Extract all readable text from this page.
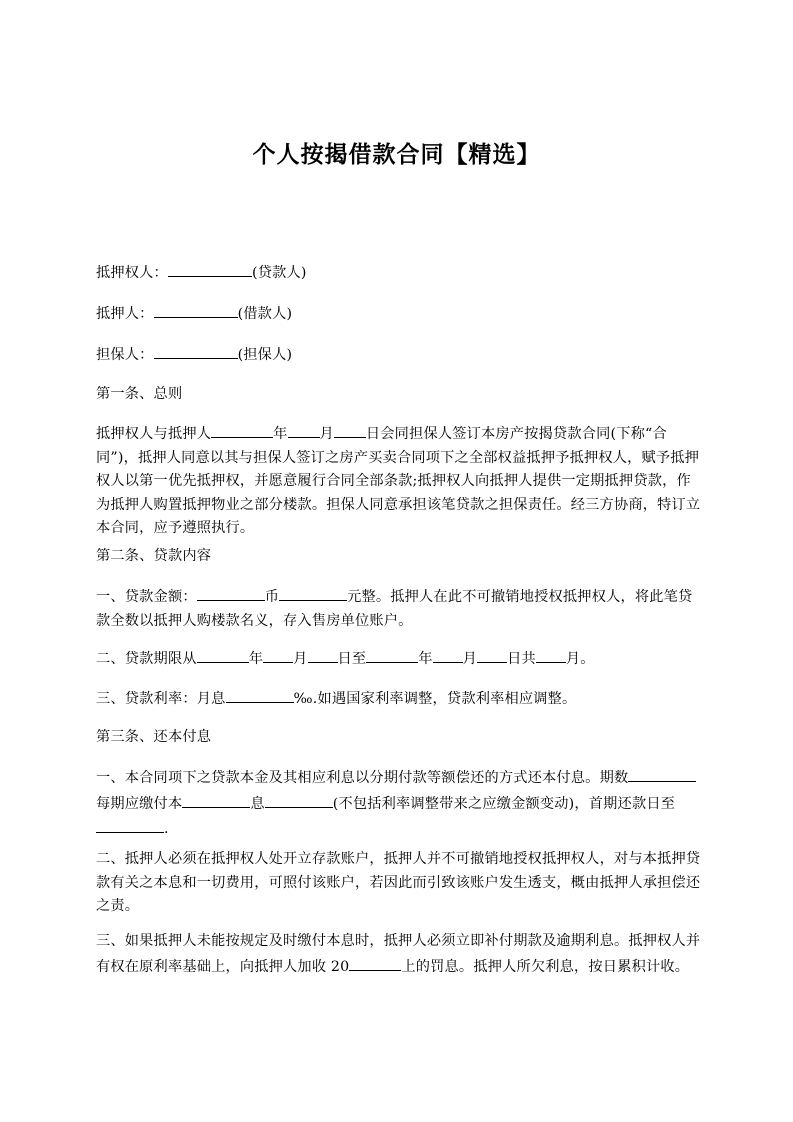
个人按揭借款合同【精选】
抵押权人：	(贷款人)
抵押人：	(借款人)
担保人：	(担保人)
第一条、总则
抵押权人与抵押人	年 月 日会同担保人签订本房产按揭贷款合同(下称“合同”)，抵押人同意以其与担保人签订之房产买卖合同项下之全部权益抵押予抵押权人，赋予抵押权人以第一优先抵押权，并愿意履行合同全部条款;抵押权人向抵押人提供一定期抵押贷款，作为抵押人购置抵押物业之部分楼款。担保人同意承担该笔贷款之担保责任。经三方协商，特订立本合同，应予遵照执行。
第二条、贷款内容
一、贷款金额：	币	元整。抵押人在此不可撤销地授权抵押权人，将此笔贷款全数以抵押人购楼款名义，存入售房单位账户。
二、贷款期限从	年 月 日至	年 月 日共 月。
三、贷款利率：月息	‰.如遇国家利率调整，贷款利率相应调整。
第三条、还本付息
一、本合同项下之贷款本金及其相应利息以分期付款等额偿还的方式还本付息。期数每期应缴付本	息	(不包括利率调整带来之应缴金额变动)，首期还款日至.
二、抵押人必须在抵押权人处开立存款账户，抵押人并不可撤销地授权抵押权人，对与本抵押贷款有关之本息和一切费用，可照付该账户，若因此而引致该账户发生透支，概由抵押人承担偿还之责。
三、如果抵押人未能按规定及时缴付本息时，抵押人必须立即补付期款及逾期利息。抵押权人并有权在原利率基础上，向抵押人加收 20	上的罚息。抵押人所欠利息，按日累积计收。
